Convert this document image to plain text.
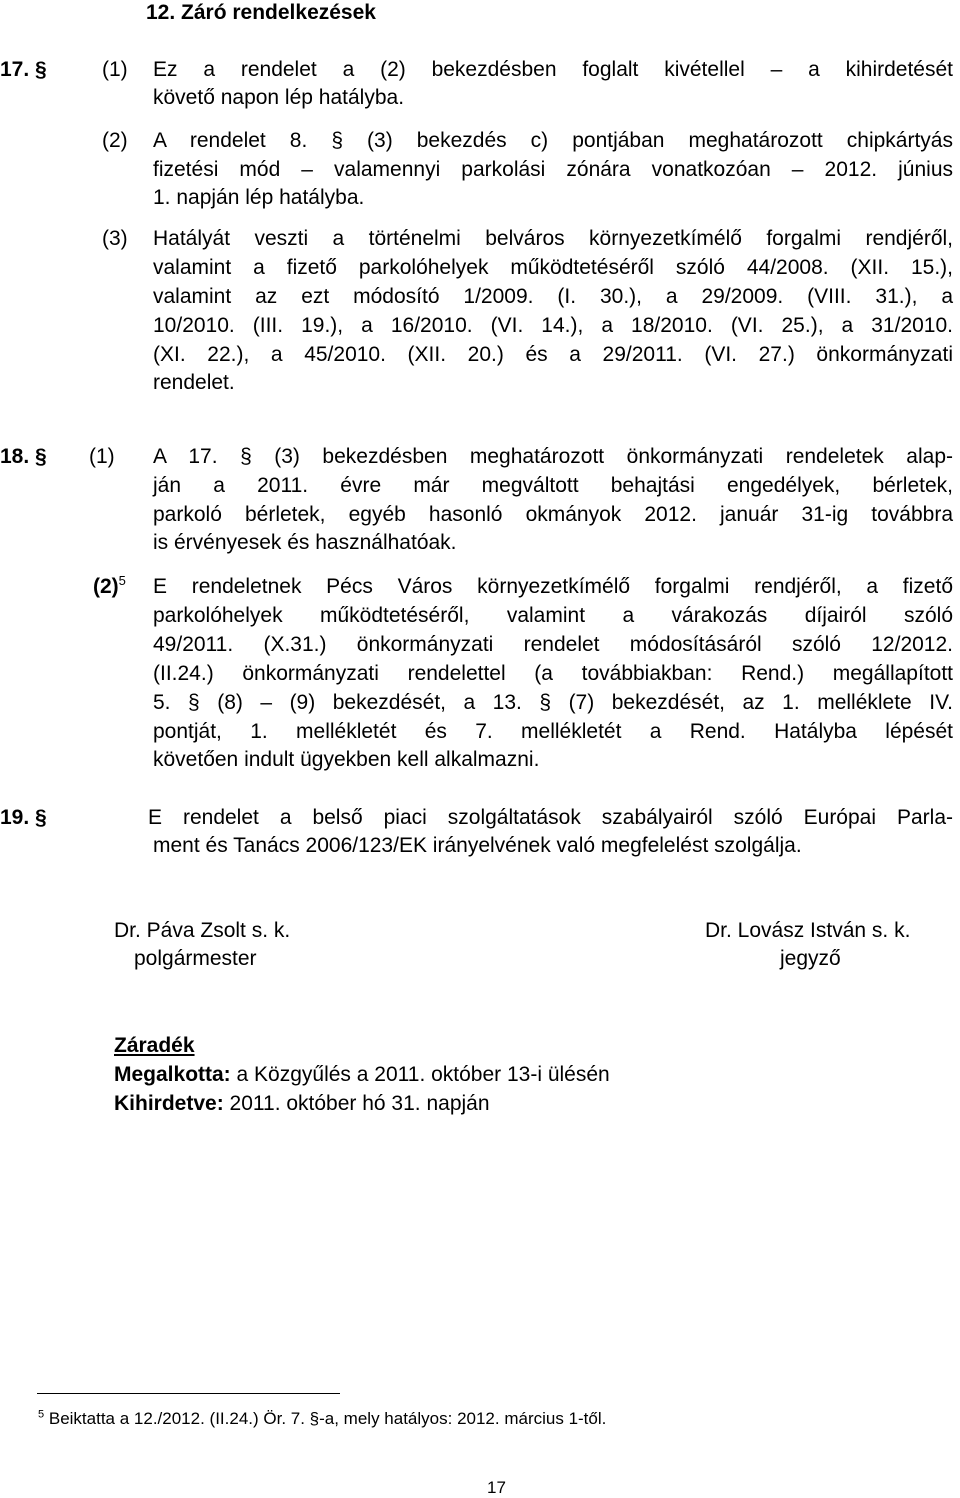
12. Záró rendelkezések
17. §	(1) Ez a rendelet a (2) bekezdésben foglalt kivétellel – a kihirdetését
követő napon lép hatályba.
(2) A rendelet 8. § (3) bekezdés c) pontjában meghatározott chipkártyás
fizetési mód – valamennyi parkolási zónára vonatkozóan – 2012. június
1. napján lép hatályba.
(3) Hatályát veszti a történelmi belváros környezetkímélő forgalmi rendjéről,
valamint a fizető parkolóhelyek működtetéséről szóló 44/2008. (XII. 15.),
valamint az ezt módosító 1/2009. (I. 30.), a 29/2009. (VIII. 31.), a
10/2010. (III. 19.), a 16/2010. (VI. 14.), a 18/2010. (VI. 25.), a 31/2010.
(XI. 22.), a 45/2010. (XII. 20.) és a 29/2011. (VI. 27.) önkormányzati
rendelet.
18. § (1) A 17. § (3) bekezdésben meghatározott önkormányzati rendeletek alap-
ján a 2011. évre már megváltott behajtási engedélyek, bérletek,
parkoló bérletek, egyéb hasonló okmányok 2012. január 31-ig továbbra
is érvényesek és használhatóak.
$(2)^5$ E rendeletnek Pécs Város környezetkímélő forgalmi rendjéről, a fizető
parkolóhelyek működtetéséről, valamint a várakozás díjairól szóló
49/2011. (X.31.) önkormányzati rendelet módosításáról szóló 12/2012.
(II.24.) önkormányzati rendelettel (a továbbiakban: Rend.) megállapított
5. § (8) – (9) bekezdését, a 13. § (7) bekezdését, az 1. melléklete IV.
pontját, 1. mellékletét és 7. mellékletét a Rend. Hatályba lépését
követően indult ügyekben kell alkalmazni.
19. §	E rendelet a belső piaci szolgáltatások szabályairól szóló Európai Parla-
ment és Tanács 2006/123/EK irányelvének való megfelelést szolgálja.
Dr. Páva Zsolt s. k.
polgármester
Dr. Lovász István s. k.
jegyző
Záradék
Megalkotta: a Közgyűlés a 2011. október 13-i ülésén
Kihirdetve: 2011. október hó 31. napján
$^5$ Beiktatta a 12./2012. (II.24.) Ör. 7. §-a, mely hatályos: 2012. március 1-től.
17
